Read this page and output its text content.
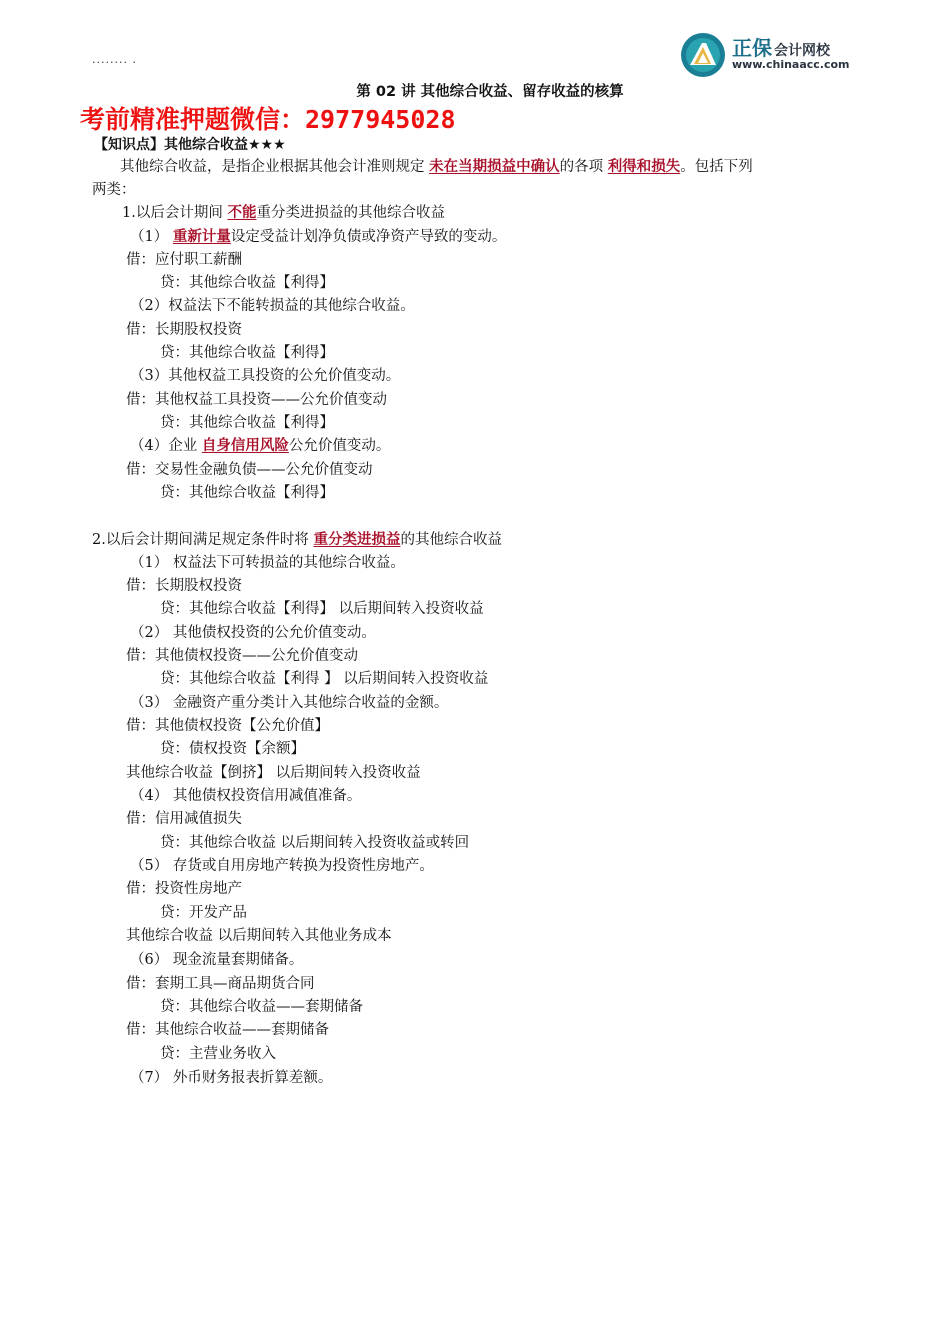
········ ·
正保 会计网校
www.chinaacc.com
第 02 讲 其他综合收益、留存收益的核算
考前精准押题微信：2977945028
【知识点】其他综合收益★★★
其他综合收益，是指企业根据其他会计准则规定 未在当期损益中确认的各项 利得和损失。包括下列
两类：
1.以后会计期间 不能重分类进损益的其他综合收益
（1） 重新计量设定受益计划净负债或净资产导致的变动。
借：应付职工薪酬
贷：其他综合收益【利得】
（2）权益法下不能转损益的其他综合收益。
借：长期股权投资
贷：其他综合收益【利得】
（3）其他权益工具投资的公允价值变动。
借：其他权益工具投资——公允价值变动
贷：其他综合收益【利得】
（4）企业 自身信用风险公允价值变动。
借：交易性金融负债——公允价值变动
贷：其他综合收益【利得】
2.以后会计期间满足规定条件时将 重分类进损益的其他综合收益
（1） 权益法下可转损益的其他综合收益。
借：长期股权投资
贷：其他综合收益【利得】 以后期间转入投资收益
（2） 其他债权投资的公允价值变动。
借：其他债权投资——公允价值变动
贷：其他综合收益【利得 】 以后期间转入投资收益
（3） 金融资产重分类计入其他综合收益的金额。
借：其他债权投资【公允价值】
贷：债权投资【余额】
其他综合收益【倒挤】 以后期间转入投资收益
（4） 其他债权投资信用减值准备。
借：信用减值损失
贷：其他综合收益 以后期间转入投资收益或转回
（5） 存货或自用房地产转换为投资性房地产。
借：投资性房地产
贷：开发产品
其他综合收益 以后期间转入其他业务成本
（6） 现金流量套期储备。
借：套期工具—商品期货合同
贷：其他综合收益——套期储备
借：其他综合收益——套期储备
贷：主营业务收入
（7） 外币财务报表折算差额。
